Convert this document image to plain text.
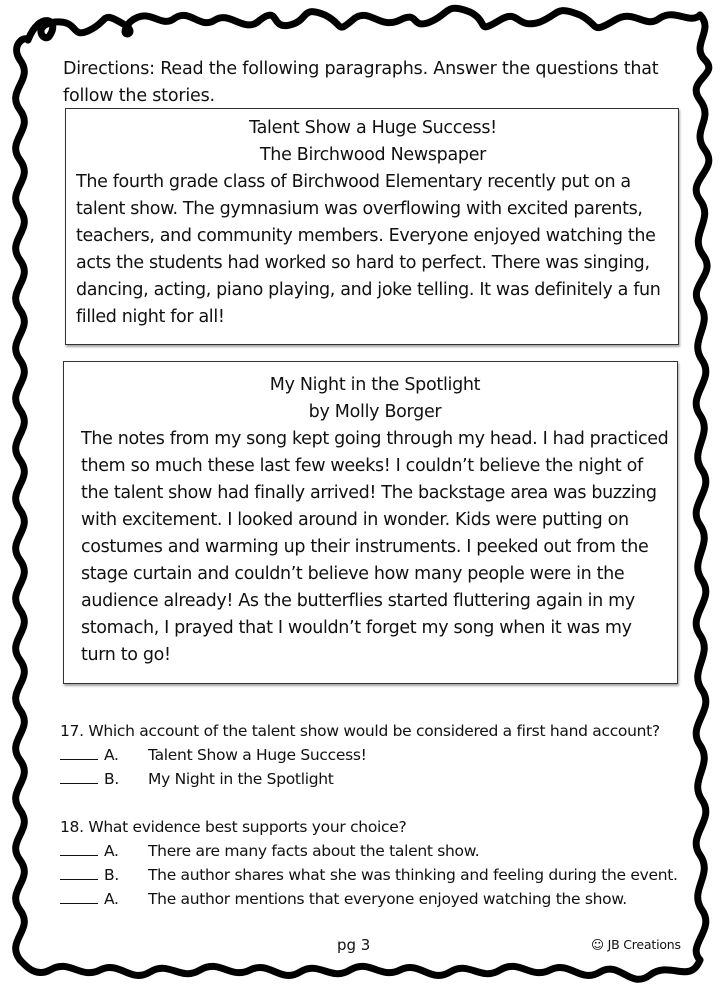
Directions: Read the following paragraphs. Answer the questions that follow the stories.
Talent Show a Huge Success!
The Birchwood Newspaper
The fourth grade class of Birchwood Elementary recently put on a talent show. The gymnasium was overflowing with excited parents, teachers, and community members. Everyone enjoyed watching the acts the students had worked so hard to perfect. There was singing, dancing, acting, piano playing, and joke telling. It was definitely a fun filled night for all!
My Night in the Spotlight
by Molly Borger
The notes from my song kept going through my head. I had practiced them so much these last few weeks! I couldn’t believe the night of the talent show had finally arrived! The backstage area was buzzing with excitement. I looked around in wonder. Kids were putting on costumes and warming up their instruments. I peeked out from the stage curtain and couldn’t believe how many people were in the audience already! As the butterflies started fluttering again in my stomach, I prayed that I wouldn’t forget my song when it was my turn to go!
17. Which account of the talent show would be considered a first hand account?
A.	Talent Show a Huge Success!
B.	My Night in the Spotlight
18. What evidence best supports your choice?
A.	There are many facts about the talent show.
B.	The author shares what she was thinking and feeling during the event.
A.	The author mentions that everyone enjoyed watching the show.
pg 3	☺ JB Creations
